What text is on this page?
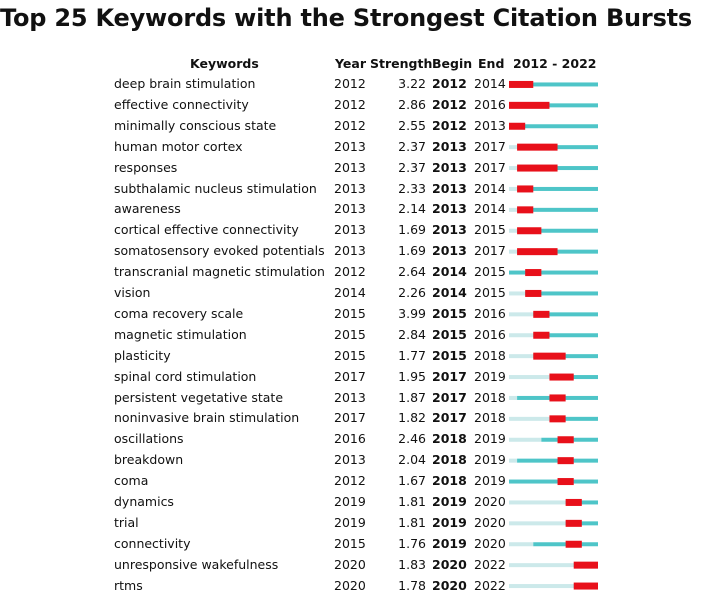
Top 25 Keywords with the Strongest Citation Bursts
Keywords	Year Strength Begin End 2012 - 2022
deep brain stimulation	2012	3.22 2012 2014
effective connectivity	2012	2.86 2012 2016
minimally conscious state	2012	2.55 2012 2013
human motor cortex	2013	2.37 2013 2017
responses	2013	2.37 2013 2017
subthalamic nucleus stimulation	2013	2.33 2013 2014
awareness	2013	2.14 2013 2014
cortical effective connectivity	2013	1.69 2013 2015
somatosensory evoked potentials 2013	1.69 2013 2017
transcranial magnetic stimulation 2012	2.64 2014 2015
vision	2014	2.26 2014 2015
coma recovery scale	2015	3.99 2015 2016
magnetic stimulation	2015	2.84 2015 2016
plasticity	2015	1.77 2015 2018
spinal cord stimulation	2017	1.95 2017 2019
persistent vegetative state	2013	1.87 2017 2018
noninvasive brain stimulation	2017	1.82 2017 2018
oscillations	2016	2.46 2018 2019
breakdown	2013	2.04 2018 2019
coma	2012	1.67 2018 2019
dynamics	2019	1.81 2019 2020
trial	2019	1.81 2019 2020
connectivity	2015	1.76 2019 2020
unresponsive wakefulness	2020	1.83 2020 2022
rtms	2020	1.78 2020 2022
